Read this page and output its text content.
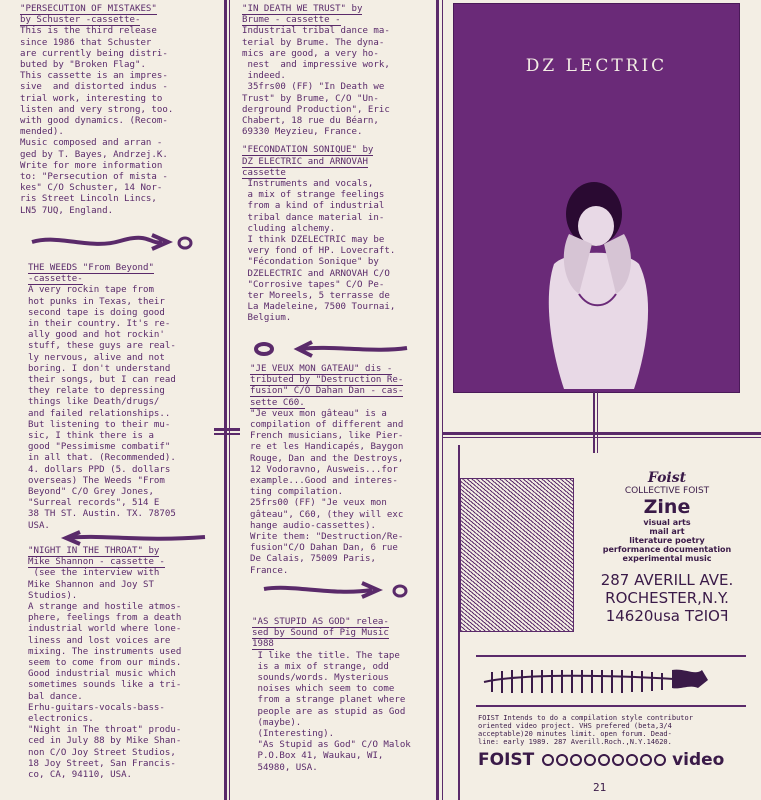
"PERSECUTION OF MISTAKES"

by Schuster -cassette-

This is the third release
since 1986 that Schuster
are currently being distri-
buted by "Broken Flag".
This cassette is an impres-
sive  and distorted indus -
trial work, interesting to
listen and very strong, too.
with good dynamics. (Recom-
mended).
Music composed and arran -
ged by T. Bayes, Andrzej.K.
Write for more information
to: "Persecution of mista -
kes" C/O Schuster, 14 Nor-
ris Street Lincoln Lincs,
LN5 7UQ, England.

THE WEEDS "From Beyond"

-cassette-

A very rockin tape from
hot punks in Texas, their
second tape is doing good
in their country. It's re-
ally good and hot rockin'
stuff, these guys are real-
ly nervous, alive and not
boring. I don't understand
their songs, but I can read
they relate to depressing
things like Death/drugs/
and failed relationships..
But listening to their mu-
sic, I think there is a
good "Pessimisme combatif"
in all that. (Recommended).
4. dollars PPD (5. dollars
overseas) The Weeds "From
Beyond" C/O Grey Jones,
"Surreal records", 514 E
38 TH ST. Austin. TX. 78705
USA.

"NIGHT IN THE THROAT" by

Mike Shannon - cassette -

(see the interview with
Mike Shannon and Joy ST
Studios).
A strange and hostile atmos-
phere, feelings from a death
industrial world where lone-
liness and lost voices are
mixing. The instruments used
seem to come from our minds.
Good industrial music which
sometimes sounds like a tri-
bal dance.
Erhu-guitars-vocals-bass-
electronics.
"Night in The throat" produ-
ced in July 88 by Mike Shan-
non C/O Joy Street Studios,
18 Joy Street, San Francis-
co, CA, 94110, USA.

"IN DEATH WE TRUST" by

Brume - cassette -

Industrial tribal dance ma-
terial by Brume. The dyna-
mics are good, a very ho-
nest  and impressive work,
indeed.
35frs00 (FF) "In Death we
Trust" by Brume, C/O "Un-
derground Production", Eric
Chabert, 18 rue du Béarn,
69330 Meyzieu, France.

"FECONDATION SONIQUE" by

DZ ELECTRIC and ARNOVAH

cassette

Instruments and vocals,
a mix of strange feelings
from a kind of industrial
tribal dance material in-
cluding alchemy.
I think DZELECTRIC may be
very fond of HP. Lovecraft.
"Fécondation Sonique" by
DZELECTRIC and ARNOVAH C/O
"Corrosive tapes" C/O Pe-
ter Moreels, 5 terrasse de
La Madeleine, 7500 Tournai,
Belgium.

"JE VEUX MON GATEAU" dis -

tributed by "Destruction Re-

fusion" C/O Dahan Dan - cas-

sette C60.

"Je veux mon gâteau" is a
compilation of different and
French musicians, like Pier-
re et les Handicapés, Baygon
Rouge, Dan and the Destroys,
12 Vodoravno, Ausweis...for
example...Good and interes-
ting compilation.
25frs00 (FF) "Je veux mon
gâteau", C60, (they will exc
hange audio-cassettes).
Write them: "Destruction/Re-
fusion"C/O Dahan Dan, 6 rue
De Calais, 75009 Paris,
France.

"AS STUPID AS GOD" relea-

sed by Sound of Pig Music

1988

I like the title. The tape
is a mix of strange, odd
sounds/words. Mysterious
noises which seem to come
from a strange planet where
people are as stupid as God
(maybe).
(Interesting).
"As Stupid as God" C/O Malok
P.O.Box 41, Waukau, WI,
54980, USA.

DZ LECTRIC
Foist
COLLECTIVE FOIST
Zine
visual arts
mail art
literature poetry
performance documentation
experimental music
287 AVERILL AVE.
ROCHESTER,N.Y.
14620usa FOIST
FOIST Intends to do a compilation style contributor
oriented video project. VHS prefered (beta,3/4
acceptable)20 minutes limit. open forum. Dead-
line: early 1989. 287 Averill.Roch.,N.Y.14620.
FOIST	video
21
